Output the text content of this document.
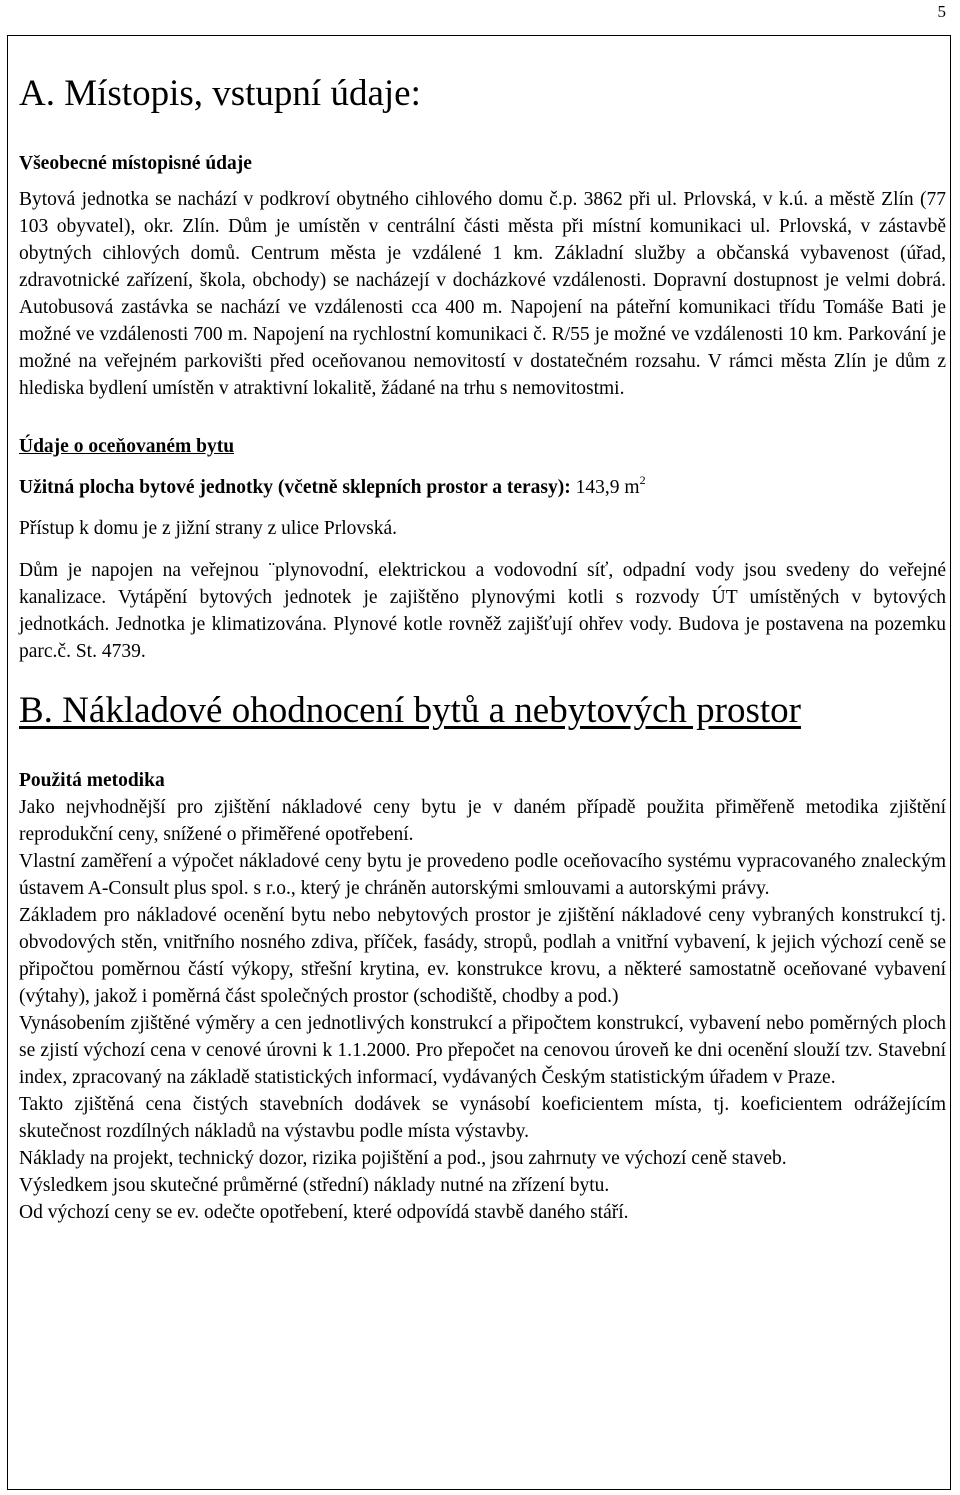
5
A. Místopis, vstupní údaje:
Všeobecné místopisné údaje

Bytová jednotka se nachází v podkroví obytného cihlového domu č.p. 3862 při ul. Prlovská, v k.ú. a městě Zlín (77 103 obyvatel), okr. Zlín. Dům je umístěn v centrální části města při místní komunikaci ul. Prlovská, v zástavbě obytných cihlových domů. Centrum města je vzdálené 1 km. Základní služby a občanská vybavenost (úřad, zdravotnické zařízení, škola, obchody) se nacházejí v docházkové vzdálenosti. Dopravní dostupnost je velmi dobrá. Autobusová zastávka se nachází ve vzdálenosti cca 400 m. Napojení na páteřní komunikaci třídu Tomáše Bati je možné ve vzdálenosti 700 m. Napojení na rychlostní komunikaci č. R/55 je možné ve vzdálenosti 10 km. Parkování je možné na veřejném parkovišti před oceňovanou nemovitostí v dostatečném rozsahu. V rámci města Zlín je dům z hlediska bydlení umístěn v atraktivní lokalitě, žádané na trhu s nemovitostmi.

Údaje o oceňovaném bytu

Užitná plocha bytové jednotky (včetně sklepních prostor a terasy): 143,9 $m^2$

Přístup k domu je z jižní strany z ulice Prlovská.

Dům je napojen na veřejnou ¨plynovodní, elektrickou a vodovodní síť, odpadní vody jsou svedeny do veřejné kanalizace. Vytápění bytových jednotek je zajištěno plynovými kotli s rozvody ÚT umístěných v bytových jednotkách. Jednotka je klimatizována. Plynové kotle rovněž zajišťují ohřev vody. Budova je postavena na pozemku parc.č. St. 4739.

B. Nákladové ohodnocení bytů a nebytových prostor
Použitá metodika

Jako nejvhodnější pro zjištění nákladové ceny bytu je v daném případě použita přiměřeně metodika zjištění reprodukční ceny, snížené o přiměřené opotřebení.

Vlastní zaměření a výpočet nákladové ceny bytu je provedeno podle oceňovacího systému vypracovaného znaleckým ústavem A-Consult plus spol. s r.o., který je chráněn autorskými smlouvami a autorskými právy.

Základem pro nákladové ocenění bytu nebo nebytových prostor je zjištění nákladové ceny vybraných konstrukcí tj. obvodových stěn, vnitřního nosného zdiva, příček, fasády, stropů, podlah a vnitřní vybavení, k jejich výchozí ceně se připočtou poměrnou částí výkopy, střešní krytina, ev. konstrukce krovu, a některé samostatně oceňované vybavení (výtahy), jakož i poměrná část společných prostor (schodiště, chodby a pod.)

Vynásobením zjištěné výměry a cen jednotlivých konstrukcí a připočtem konstrukcí, vybavení nebo poměrných ploch se zjistí výchozí cena v cenové úrovni k 1.1.2000. Pro přepočet na cenovou úroveň ke dni ocenění slouží tzv. Stavební index, zpracovaný na základě statistických informací, vydávaných Českým statistickým úřadem v Praze.

Takto zjištěná cena čistých stavebních dodávek se vynásobí koeficientem místa, tj. koeficientem odrážejícím skutečnost rozdílných nákladů na výstavbu podle místa výstavby.

Náklady na projekt, technický dozor, rizika pojištění a pod., jsou zahrnuty ve výchozí ceně staveb.

Výsledkem jsou skutečné průměrné (střední) náklady nutné na zřízení bytu.

Od výchozí ceny se ev. odečte opotřebení, které odpovídá stavbě daného stáří.
